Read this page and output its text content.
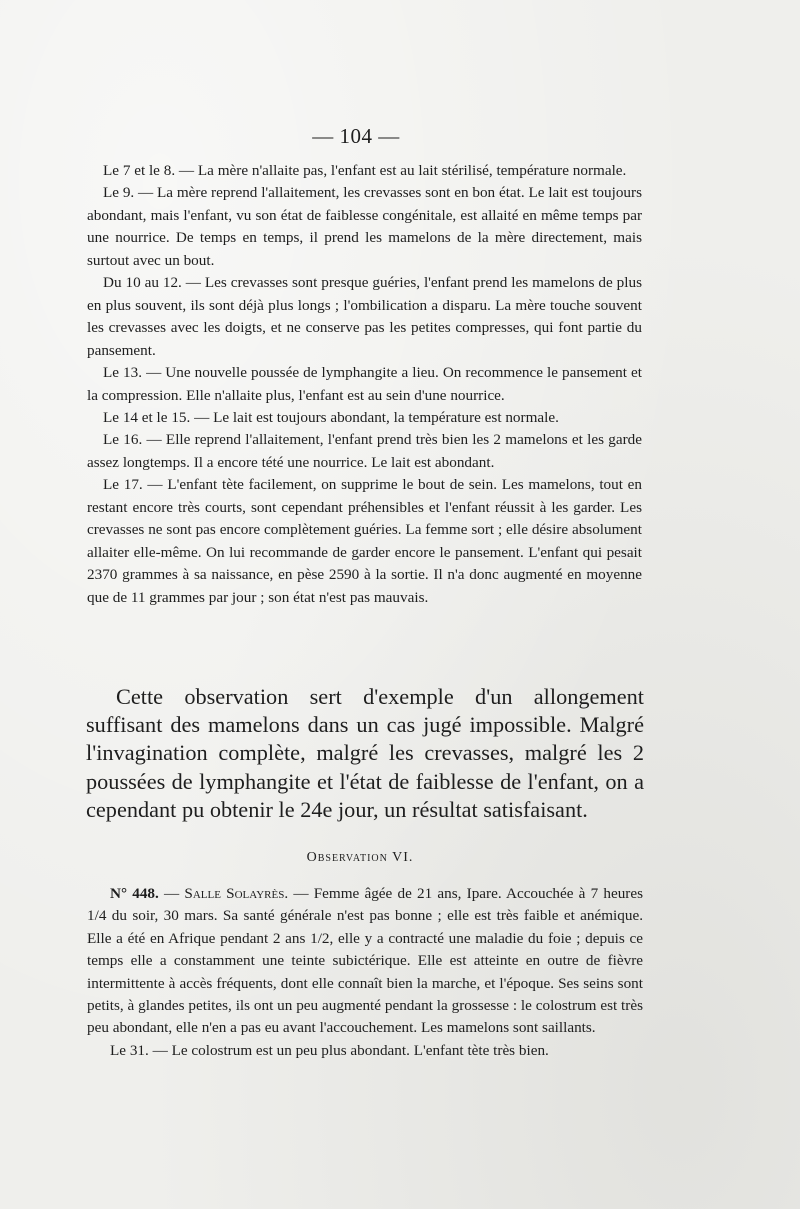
— 104 —

Le 7 et le 8. — La mère n'allaite pas, l'enfant est au lait stérilisé, température normale.

Le 9. — La mère reprend l'allaitement, les crevasses sont en bon état. Le lait est toujours abondant, mais l'enfant, vu son état de faiblesse congénitale, est allaité en même temps par une nourrice. De temps en temps, il prend les mamelons de la mère directement, mais surtout avec un bout.

Du 10 au 12. — Les crevasses sont presque guéries, l'enfant prend les mamelons de plus en plus souvent, ils sont déjà plus longs ; l'ombilication a disparu. La mère touche souvent les crevasses avec les doigts, et ne conserve pas les petites compresses, qui font partie du pansement.

Le 13. — Une nouvelle poussée de lymphangite a lieu. On recommence le pansement et la compression. Elle n'allaite plus, l'enfant est au sein d'une nourrice.

Le 14 et le 15. — Le lait est toujours abondant, la température est normale.

Le 16. — Elle reprend l'allaitement, l'enfant prend très bien les 2 mamelons et les garde assez longtemps. Il a encore tété une nourrice. Le lait est abondant.

Le 17. — L'enfant tète facilement, on supprime le bout de sein. Les mamelons, tout en restant encore très courts, sont cependant préhensibles et l'enfant réussit à les garder. Les crevasses ne sont pas encore complètement guéries. La femme sort ; elle désire absolument allaiter elle-même. On lui recommande de garder encore le pansement. L'enfant qui pesait 2370 grammes à sa naissance, en pèse 2590 à la sortie. Il n'a donc augmenté en moyenne que de 11 grammes par jour ; son état n'est pas mauvais.

Cette observation sert d'exemple d'un allongement suffisant des mamelons dans un cas jugé impossible. Malgré l'invagination complète, malgré les crevasses, malgré les 2 poussées de lymphangite et l'état de faiblesse de l'enfant, on a cependant pu obtenir le 24e jour, un résultat satisfaisant.

Observation VI.

N° 448. — Salle Solayrès. — Femme âgée de 21 ans, Ipare. Accouchée à 7 heures 1/4 du soir, 30 mars. Sa santé générale n'est pas bonne ; elle est très faible et anémique. Elle a été en Afrique pendant 2 ans 1/2, elle y a contracté une maladie du foie ; depuis ce temps elle a constamment une teinte subictérique. Elle est atteinte en outre de fièvre intermittente à accès fréquents, dont elle connaît bien la marche, et l'époque. Ses seins sont petits, à glandes petites, ils ont un peu augmenté pendant la grossesse : le colostrum est très peu abondant, elle n'en a pas eu avant l'accouchement. Les mamelons sont saillants.

Le 31. — Le colostrum est un peu plus abondant. L'enfant tète très bien.
